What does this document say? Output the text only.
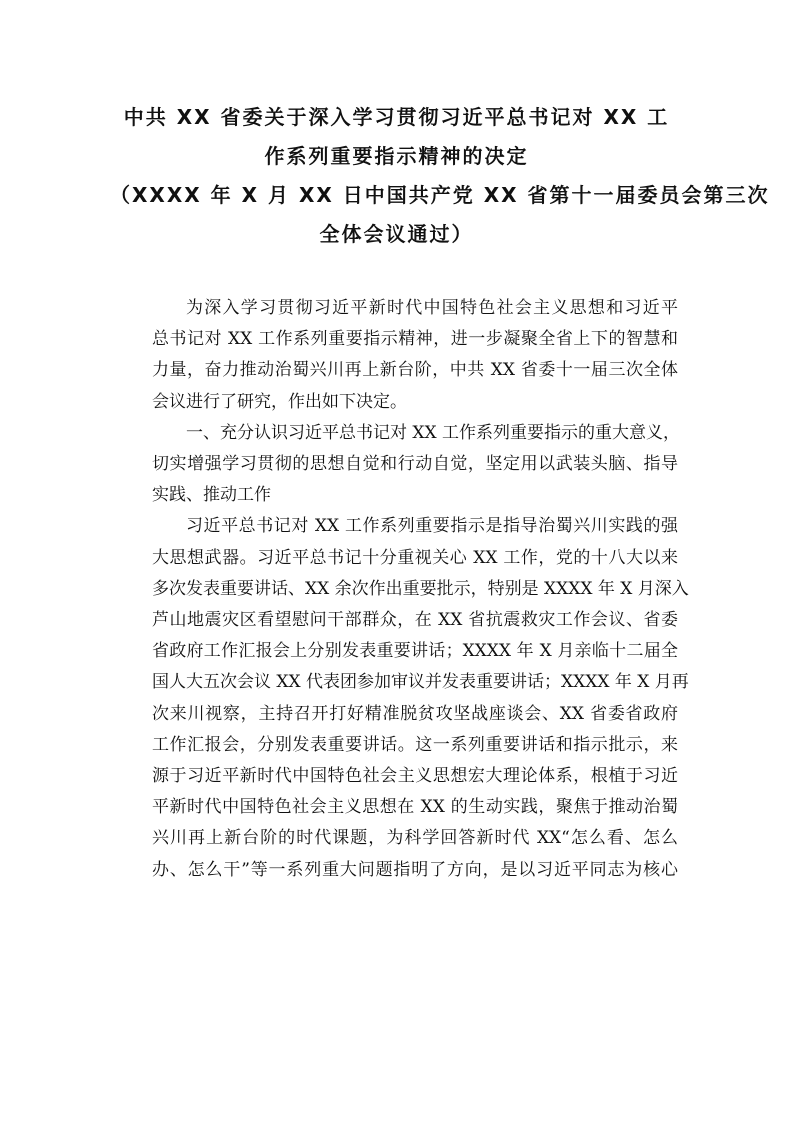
中共 XX 省委关于深入学习贯彻习近平总书记对 XX 工
作系列重要指示精神的决定
（XXXX 年 X 月 XX 日中国共产党 XX 省第十一届委员会第三次
全体会议通过）
为深入学习贯彻习近平新时代中国特色社会主义思想和习近平
总书记对 XX 工作系列重要指示精神，进一步凝聚全省上下的智慧和
力量，奋力推动治蜀兴川再上新台阶，中共 XX 省委十一届三次全体
会议进行了研究，作出如下决定。
一、充分认识习近平总书记对 XX 工作系列重要指示的重大意义，
切实增强学习贯彻的思想自觉和行动自觉，坚定用以武装头脑、指导
实践、推动工作
习近平总书记对 XX 工作系列重要指示是指导治蜀兴川实践的强
大思想武器。习近平总书记十分重视关心 XX 工作，党的十八大以来
多次发表重要讲话、XX 余次作出重要批示，特别是 XXXX 年 X 月深入
芦山地震灾区看望慰问干部群众，在 XX 省抗震救灾工作会议、省委
省政府工作汇报会上分别发表重要讲话；XXXX 年 X 月亲临十二届全
国人大五次会议 XX 代表团参加审议并发表重要讲话；XXXX 年 X 月再
次来川视察，主持召开打好精准脱贫攻坚战座谈会、XX 省委省政府
工作汇报会，分别发表重要讲话。这一系列重要讲话和指示批示，来
源于习近平新时代中国特色社会主义思想宏大理论体系，根植于习近
平新时代中国特色社会主义思想在 XX 的生动实践，聚焦于推动治蜀
兴川再上新台阶的时代课题，为科学回答新时代 XX“怎么看、怎么
办、怎么干”等一系列重大问题指明了方向，是以习近平同志为核心
